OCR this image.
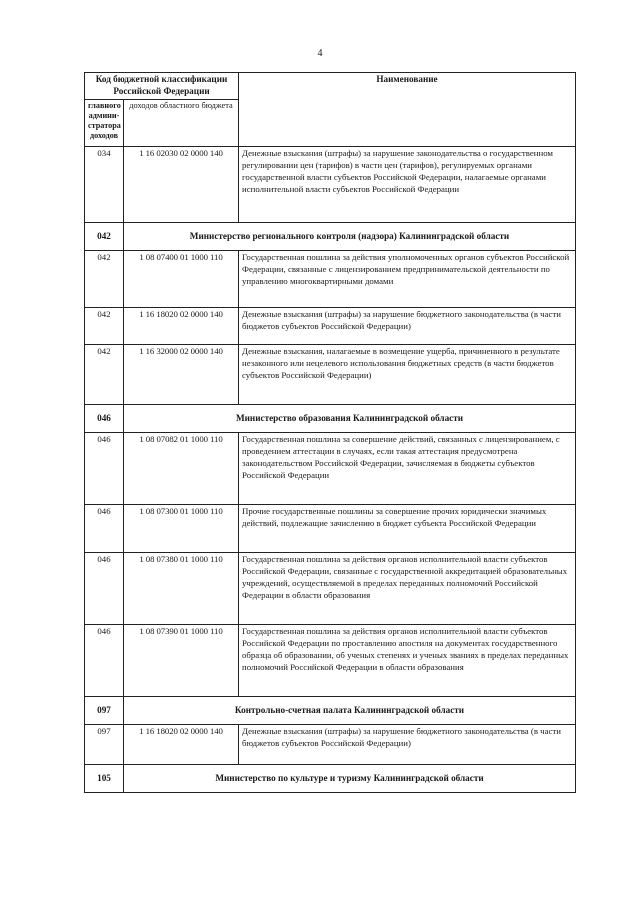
4
Код бюджетной классификации Российской Федерации		Наименование
главного админи-стратора доходов	доходов областного бюджета	
034	1 16 02030 02 0000 140	Денежные взыскания (штрафы) за нарушение законодательства о государственном регулировании цен (тарифов) в части цен (тарифов), регулируемых органами государственной власти субъектов Российской Федерации, налагаемые органами исполнительной власти субъектов Российской Федерации
042	Министерство регионального контроля (надзора) Калининградской области	
042	1 08 07400 01 1000 110	Государственная пошлина за действия уполномоченных органов субъектов Российской Федерации, связанные с лицензированием предпринимательской деятельности по управлению многоквартирными домами
042	1 16 18020 02 0000 140	Денежные взыскания (штрафы) за нарушение бюджетного законодательства (в части бюджетов субъектов Российской Федерации)
042	1 16 32000 02 0000 140	Денежные взыскания, налагаемые в возмещение ущерба, причиненного в результате незаконного или нецелевого использования бюджетных средств (в части бюджетов субъектов Российской Федерации)
046	Министерство образования Калининградской области	
046	1 08 07082 01 1000 110	Государственная пошлина за совершение действий, связанных с лицензированием, с проведением аттестации в случаях, если такая аттестация предусмотрена законодательством Российской Федерации, зачисляемая в бюджеты субъектов Российской Федерации
046	1 08 07300 01 1000 110	Прочие государственные пошлины за совершение прочих юридически значимых действий, подлежащие зачислению в бюджет субъекта Российской Федерации
046	1 08 07380 01 1000 110	Государственная пошлина за действия органов исполнительной власти субъектов Российской Федерации, связанные с государственной аккредитацией образовательных учреждений, осуществляемой в пределах переданных полномочий Российской Федерации в области образования
046	1 08 07390 01 1000 110	Государственная пошлина за действия органов исполнительной власти субъектов Российской Федерации по проставлению апостиля на документах государственного образца об образовании, об ученых степенях и ученых званиях в пределах переданных полномочий Российской Федерации в области образования
097	Контрольно-счетная палата Калининградской области	
097	1 16 18020 02 0000 140	Денежные взыскания (штрафы) за нарушение бюджетного законодательства (в части бюджетов субъектов Российской Федерации)
105	Министерство по культуре и туризму Калининградской области	
